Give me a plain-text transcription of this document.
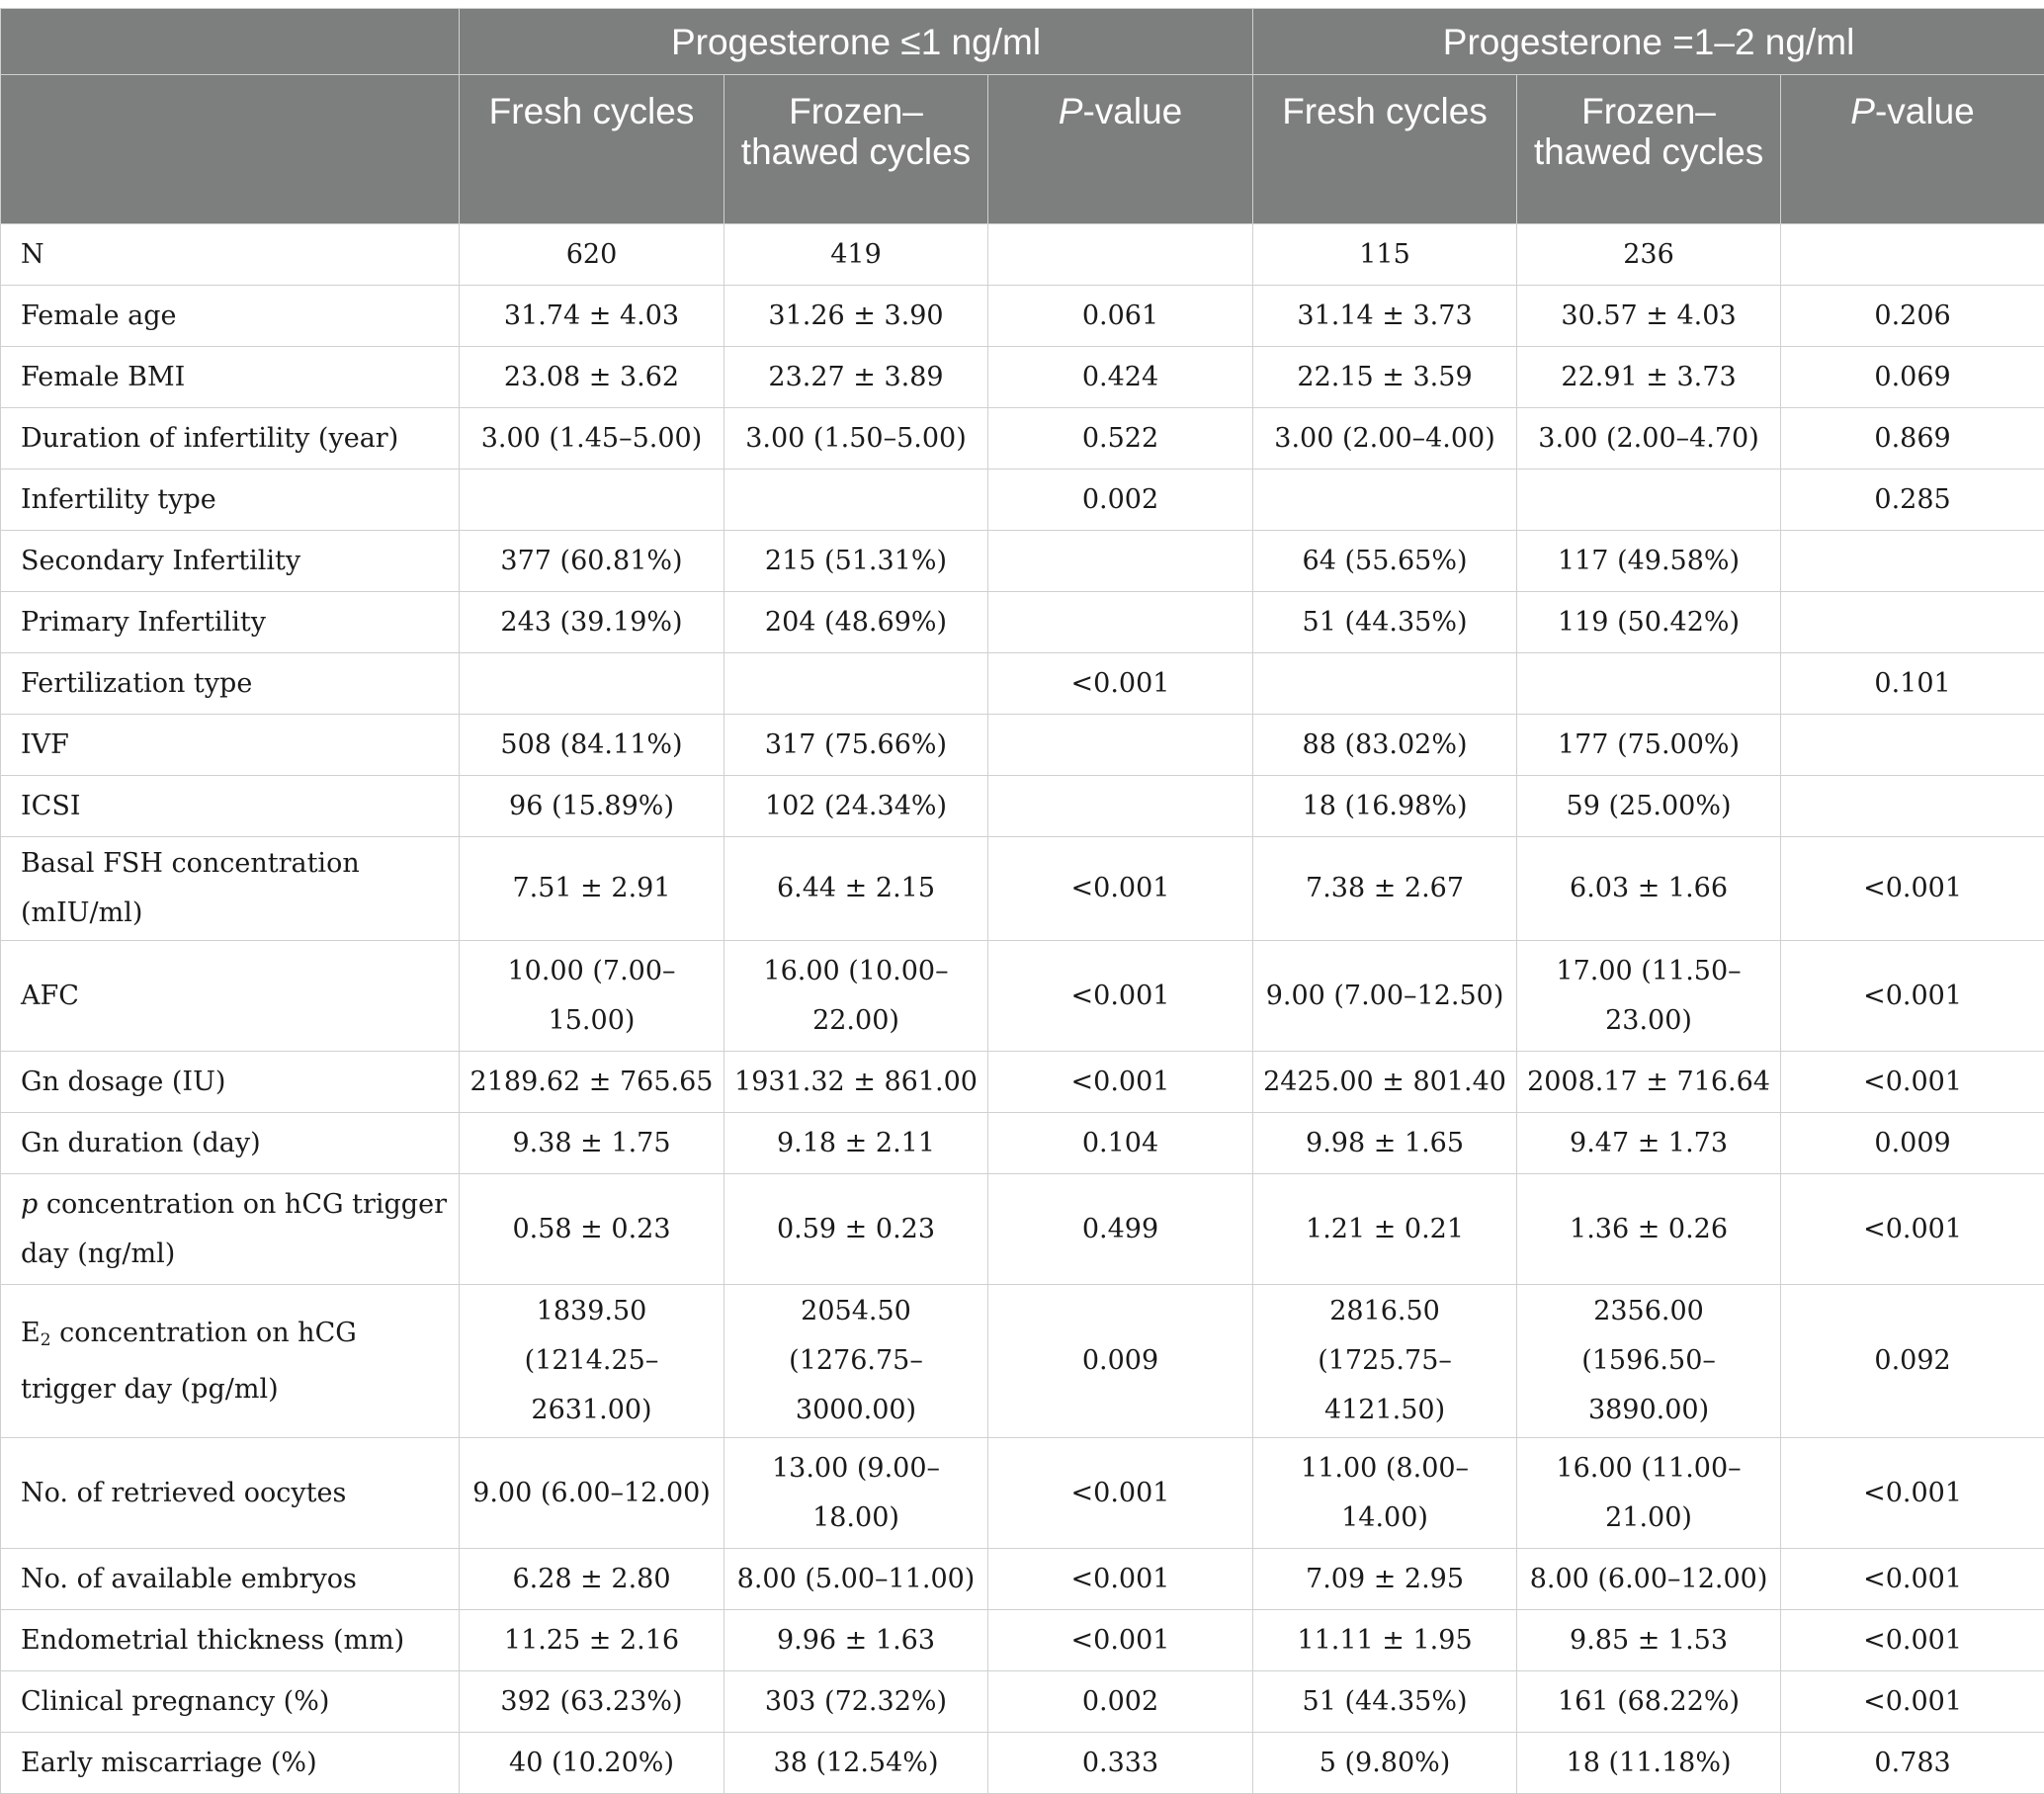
	Progesterone ≤1 ng/ml			Progesterone =1–2 ng/ml		
	Fresh cycles	Frozen–thawed cycles	P-value	Fresh cycles	Frozen–thawed cycles	P-value
N	620	419		115	236	
Female age	31.74 ± 4.03	31.26 ± 3.90	0.061	31.14 ± 3.73	30.57 ± 4.03	0.206
Female BMI	23.08 ± 3.62	23.27 ± 3.89	0.424	22.15 ± 3.59	22.91 ± 3.73	0.069
Duration of infertility (year)	3.00 (1.45–5.00)	3.00 (1.50–5.00)	0.522	3.00 (2.00–4.00)	3.00 (2.00–4.70)	0.869
Infertility type			0.002			0.285
Secondary Infertility	377 (60.81%)	215 (51.31%)		64 (55.65%)	117 (49.58%)	
Primary Infertility	243 (39.19%)	204 (48.69%)		51 (44.35%)	119 (50.42%)	
Fertilization type			<0.001			0.101
IVF	508 (84.11%)	317 (75.66%)		88 (83.02%)	177 (75.00%)	
ICSI	96 (15.89%)	102 (24.34%)		18 (16.98%)	59 (25.00%)	
Basal FSH concentration (mIU/ml)	7.51 ± 2.91	6.44 ± 2.15	<0.001	7.38 ± 2.67	6.03 ± 1.66	<0.001
AFC	10.00 (7.00–15.00)	16.00 (10.00–22.00)	<0.001	9.00 (7.00–12.50)	17.00 (11.50–23.00)	<0.001
Gn dosage (IU)	2189.62 ± 765.65	1931.32 ± 861.00	<0.001	2425.00 ± 801.40	2008.17 ± 716.64	<0.001
Gn duration (day)	9.38 ± 1.75	9.18 ± 2.11	0.104	9.98 ± 1.65	9.47 ± 1.73	0.009
p concentration on hCG trigger day (ng/ml)	0.58 ± 0.23	0.59 ± 0.23	0.499	1.21 ± 0.21	1.36 ± 0.26	<0.001
$E_2$ concentration on hCG trigger day (pg/ml)	1839.50 (1214.25–2631.00)	2054.50 (1276.75–3000.00)	0.009	2816.50 (1725.75–4121.50)	2356.00 (1596.50–3890.00)	0.092
No. of retrieved oocytes	9.00 (6.00–12.00)	13.00 (9.00–18.00)	<0.001	11.00 (8.00–14.00)	16.00 (11.00–21.00)	<0.001
No. of available embryos	6.28 ± 2.80	8.00 (5.00–11.00)	<0.001	7.09 ± 2.95	8.00 (6.00–12.00)	<0.001
Endometrial thickness (mm)	11.25 ± 2.16	9.96 ± 1.63	<0.001	11.11 ± 1.95	9.85 ± 1.53	<0.001
Clinical pregnancy (%)	392 (63.23%)	303 (72.32%)	0.002	51 (44.35%)	161 (68.22%)	<0.001
Early miscarriage (%)	40 (10.20%)	38 (12.54%)	0.333	5 (9.80%)	18 (11.18%)	0.783
